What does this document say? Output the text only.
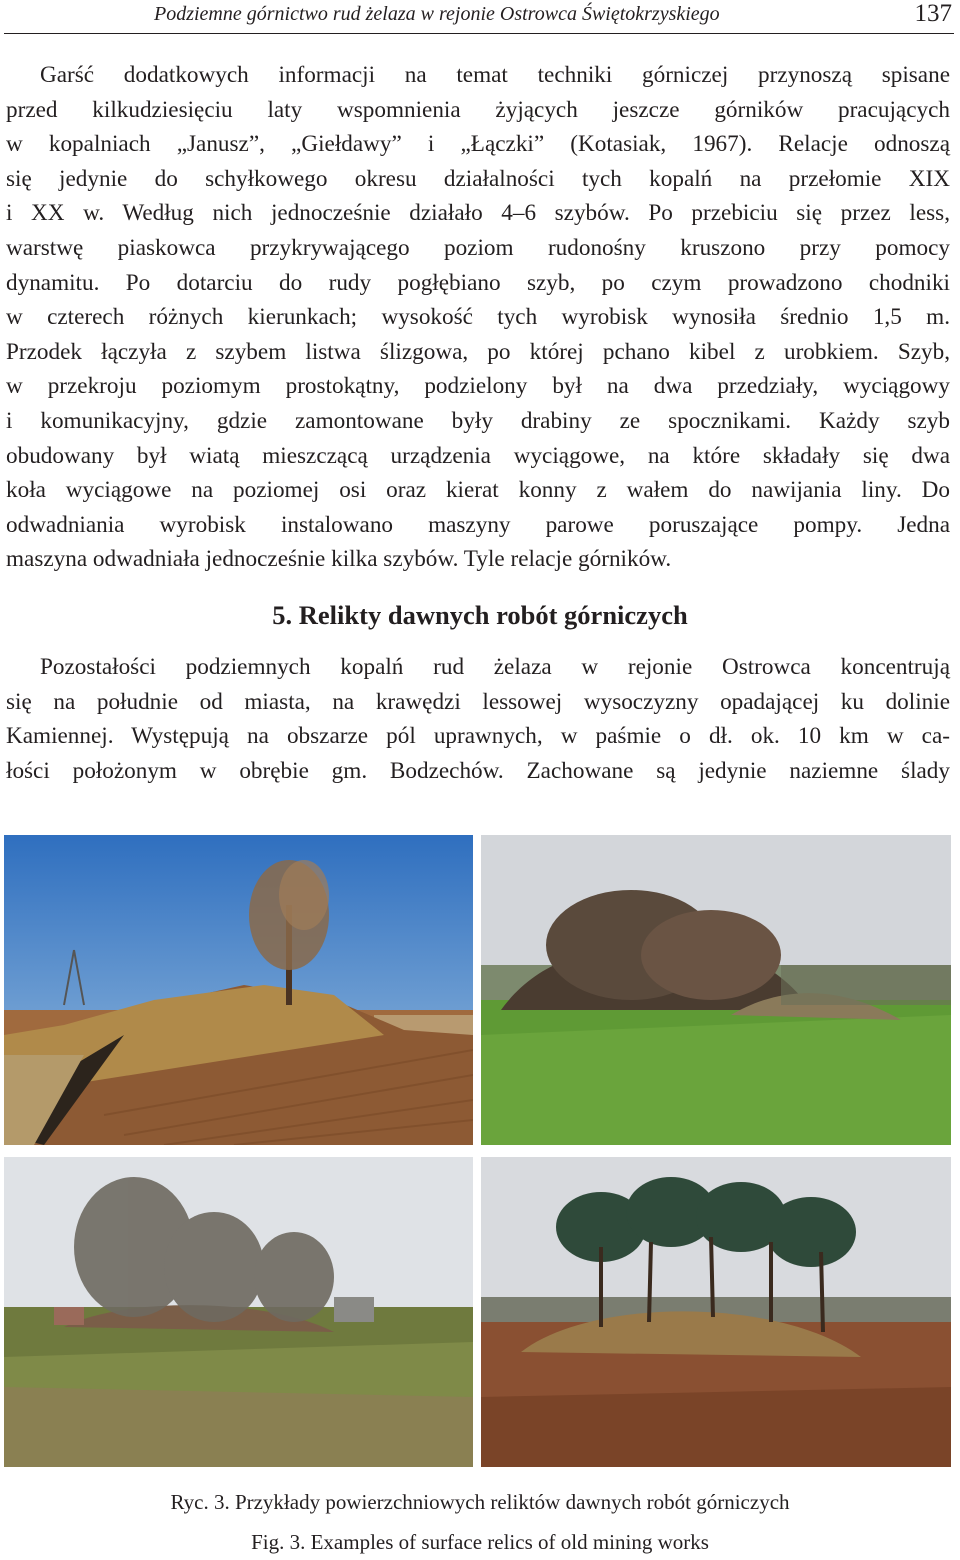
Podziemne górnictwo rud żelaza w rejonie Ostrowca Świętokrzyskiego	137
Garść dodatkowych informacji na temat techniki górniczej przynoszą spisane
przed kilkudziesięciu laty wspomnienia żyjących jeszcze górników pracujących
w kopalniach „Janusz”, „Giełdawy” i „Łączki” (Kotasiak, 1967). Relacje odnoszą
się jedynie do schyłkowego okresu działalności tych kopalń na przełomie XIX
i XX w. Według nich jednocześnie działało 4–6 szybów. Po przebiciu się przez less,
warstwę piaskowca przykrywającego poziom rudonośny kruszono przy pomocy
dynamitu. Po dotarciu do rudy pogłębiano szyb, po czym prowadzono chodniki
w czterech różnych kierunkach; wysokość tych wyrobisk wynosiła średnio 1,5 m.
Przodek łączyła z szybem listwa ślizgowa, po której pchano kibel z urobkiem. Szyb,
w przekroju poziomym prostokątny, podzielony był na dwa przedziały, wyciągowy
i komunikacyjny, gdzie zamontowane były drabiny ze spocznikami. Każdy szyb
obudowany był wiatą mieszczącą urządzenia wyciągowe, na które składały się dwa
koła wyciągowe na poziomej osi oraz kierat konny z wałem do nawijania liny. Do
odwadniania wyrobisk instalowano maszyny parowe poruszające pompy. Jedna
maszyna odwadniała jednocześnie kilka szybów. Tyle relacje górników.
5. Relikty dawnych robót górniczych
Pozostałości podziemnych kopalń rud żelaza w rejonie Ostrowca koncentrują
się na południe od miasta, na krawędzi lessowej wysoczyzny opadającej ku dolinie
Kamiennej. Występują na obszarze pól uprawnych, w paśmie o dł. ok. 10 km w ca-
łości położonym w obrębie gm. Bodzechów. Zachowane są jedynie naziemne ślady
Ryc. 3. Przykłady powierzchniowych reliktów dawnych robót górniczych
Fig. 3. Examples of surface relics of old mining works
